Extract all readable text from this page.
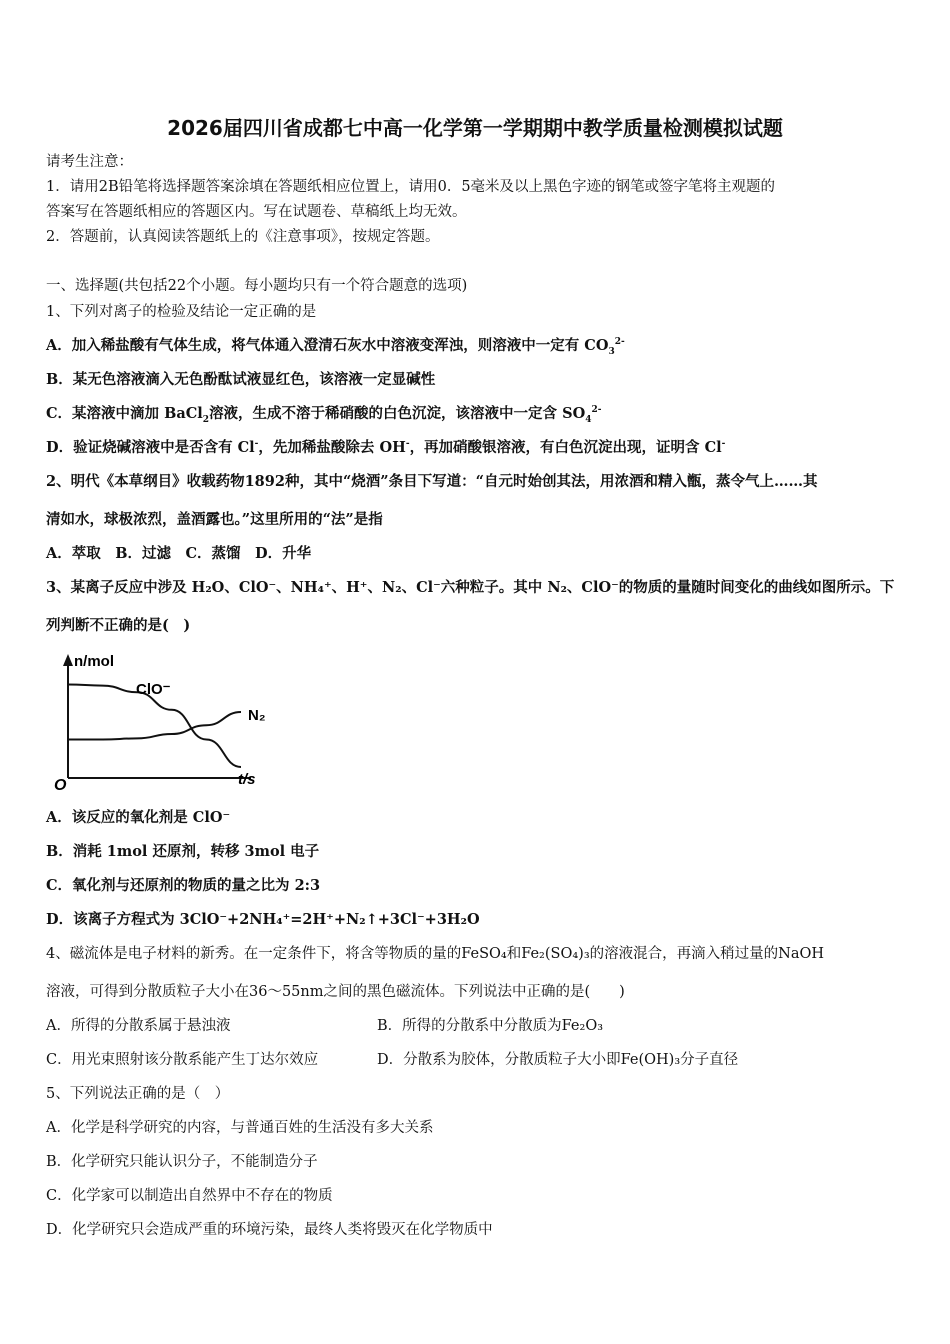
2026届四川省成都七中高一化学第一学期期中教学质量检测模拟试题
请考生注意：
1．请用2B铅笔将选择题答案涂填在答题纸相应位置上，请用0．5毫米及以上黑色字迹的钢笔或签字笔将主观题的
答案写在答题纸相应的答题区内。写在试题卷、草稿纸上均无效。
2．答题前，认真阅读答题纸上的《注意事项》，按规定答题。
一、选择题(共包括22个小题。每小题均只有一个符合题意的选项)
1、下列对离子的检验及结论一定正确的是
A．加入稀盐酸有气体生成，将气体通入澄清石灰水中溶液变浑浊，则溶液中一定有 $CO_3^{2-}$
B．某无色溶液滴入无色酚酞试液显红色，该溶液一定显碱性
C．某溶液中滴加 BaCl$_2$溶液，生成不溶于稀硝酸的白色沉淀，该溶液中一定含 $SO_4^{2-}$
D．验证烧碱溶液中是否含有 Cl-，先加稀盐酸除去 OH-，再加硝酸银溶液，有白色沉淀出现，证明含 Cl-
2、明代《本草纲目》收载药物1892种，其中“烧酒”条目下写道：“自元时始创其法，用浓酒和精入甑，蒸令气上……其
清如水，球极浓烈，盖酒露也。”这里所用的“法”是指
A．萃取　B．过滤　C．蒸馏　D．升华
3、某离子反应中涉及 H₂O、ClO⁻、NH₄⁺、H⁺、N₂、Cl⁻六种粒子。其中 N₂、ClO⁻的物质的量随时间变化的曲线如图所示。下
列判断不正确的是(　)
n/mol
t/s
O
ClO⁻
N₂
A．该反应的氧化剂是 ClO⁻
B．消耗 1mol 还原剂，转移 3mol 电子
C．氧化剂与还原剂的物质的量之比为 2:3
D．该离子方程式为 3ClO⁻+2NH₄⁺=2H⁺+N₂↑+3Cl⁻+3H₂O
4、磁流体是电子材料的新秀。在一定条件下，将含等物质的量的FeSO₄和Fe₂(SO₄)₃的溶液混合，再滴入稍过量的NaOH
溶液，可得到分散质粒子大小在36～55nm之间的黑色磁流体。下列说法中正确的是(　　)
A．所得的分散系属于悬浊液	B．所得的分散系中分散质为Fe₂O₃
C．用光束照射该分散系能产生丁达尔效应	D．分散系为胶体，分散质粒子大小即Fe(OH)₃分子直径
5、下列说法正确的是（　）
A．化学是科学研究的内容，与普通百姓的生活没有多大关系
B．化学研究只能认识分子，不能制造分子
C．化学家可以制造出自然界中不存在的物质
D．化学研究只会造成严重的环境污染，最终人类将毁灭在化学物质中
